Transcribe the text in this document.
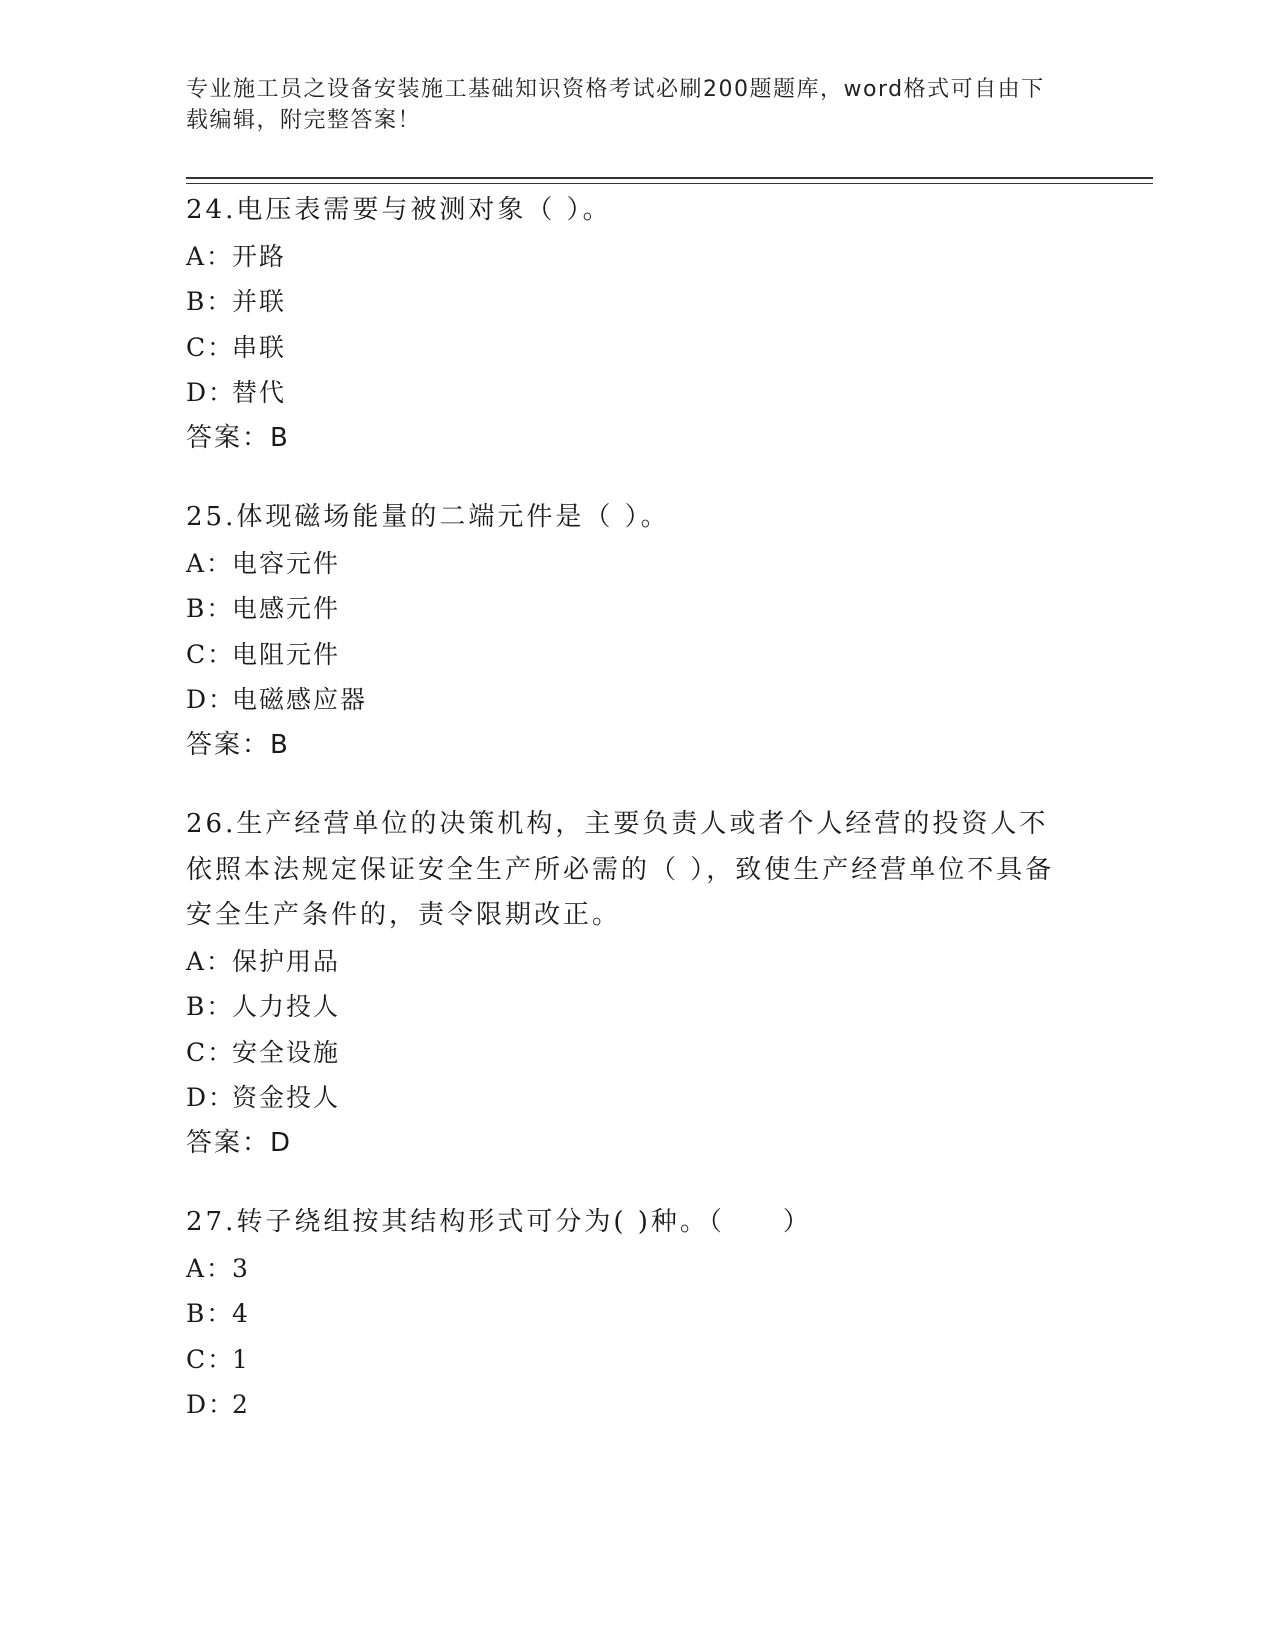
专业施工员之设备安装施工基础知识资格考试必刷200题题库，word格式可自由下载编辑，附完整答案！
24.电压表需要与被测对象（ ）。
A：开路
B：并联
C：串联
D：替代
答案：B
25.体现磁场能量的二端元件是（ ）。
A：电容元件
B：电感元件
C：电阻元件
D：电磁感应器
答案：B
26.生产经营单位的决策机构，主要负责人或者个人经营的投资人不依照本法规定保证安全生产所必需的（ ），致使生产经营单位不具备安全生产条件的，责令限期改正。
A：保护用品
B：人力投人
C：安全设施
D：资金投人
答案：D
27.转子绕组按其结构形式可分为( )种。（　　）
A：3
B：4
C：1
D：2
